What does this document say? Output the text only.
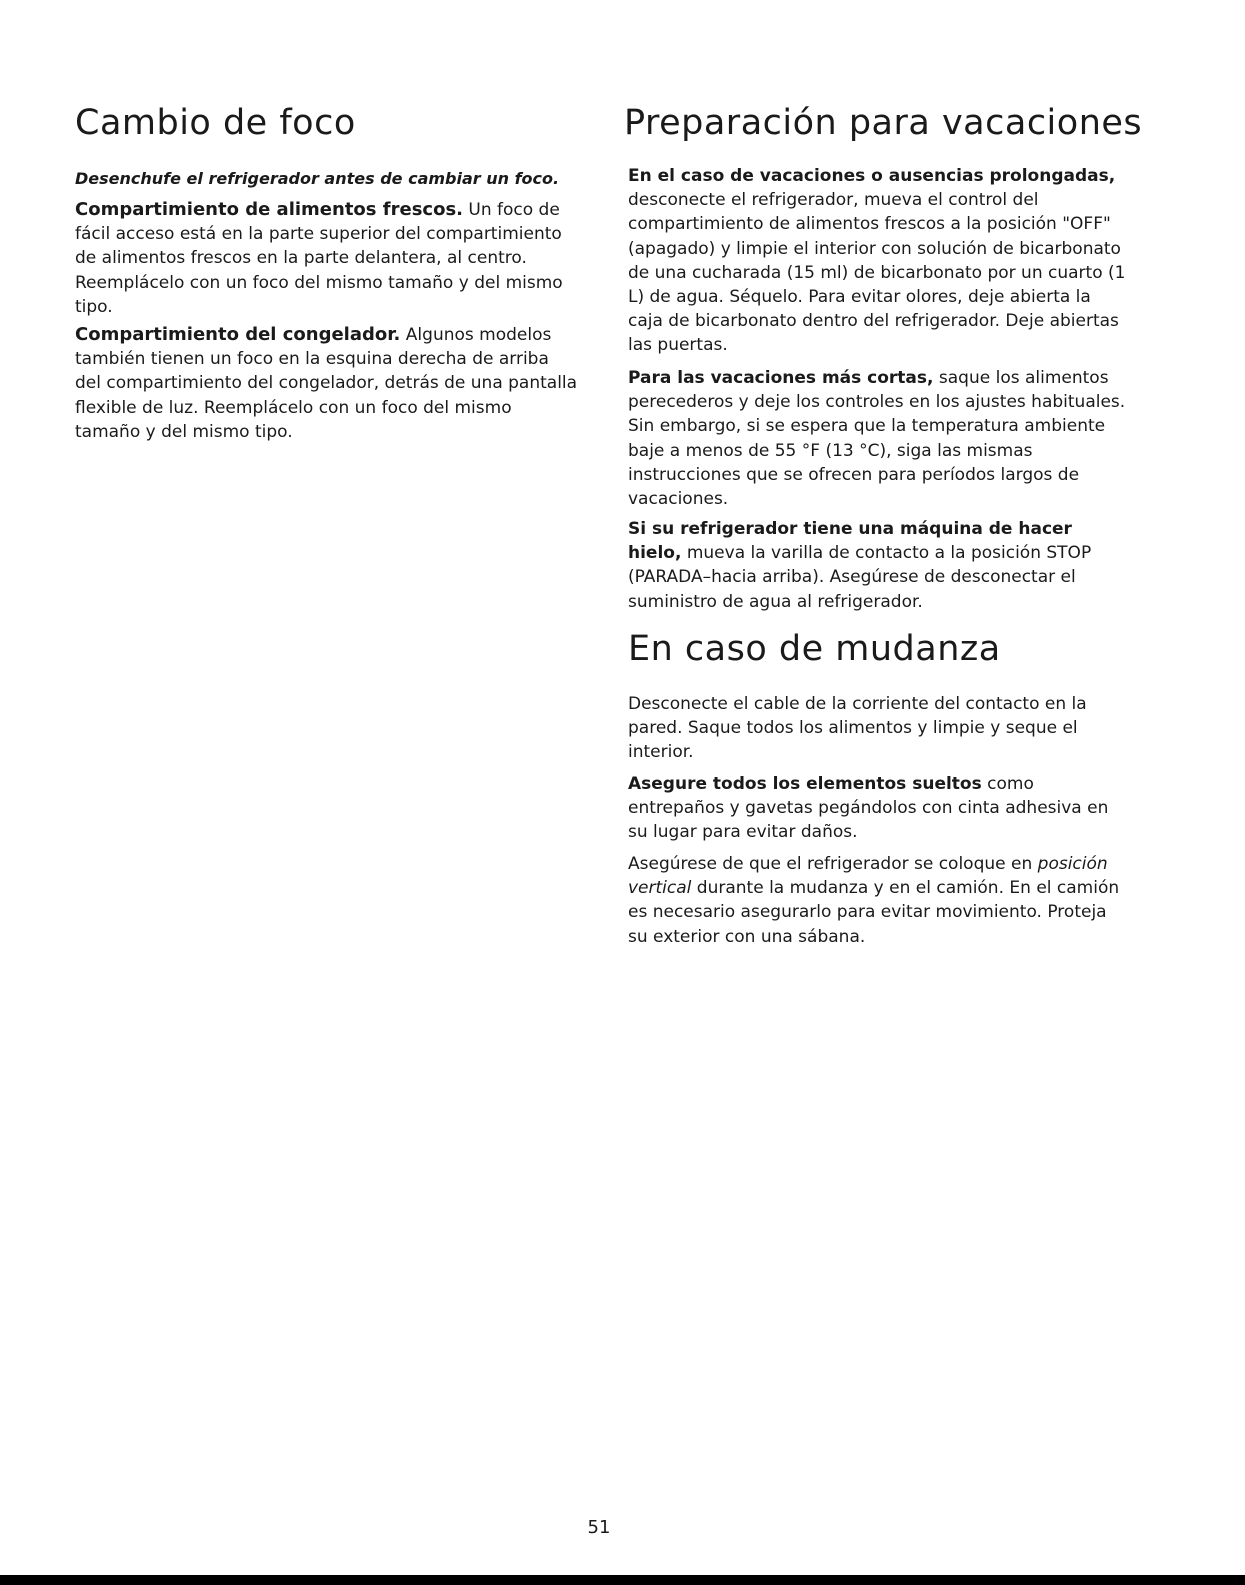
Cambio de foco

Desenchufe el refrigerador antes de cambiar un foco.

Compartimiento de alimentos frescos. Un foco de fácil acceso está en la parte superior del compartimiento de alimentos frescos en la parte delantera, al centro. Reemplácelo con un foco del mismo tamaño y del mismo tipo.

Compartimiento del congelador. Algunos modelos también tienen un foco en la esquina derecha de arriba del compartimiento del congelador, detrás de una pantalla flexible de luz. Reemplácelo con un foco del mismo tamaño y del mismo tipo.

Preparación para vacaciones

En el caso de vacaciones o ausencias prolongadas, desconecte el refrigerador, mueva el control del compartimiento de alimentos frescos a la posición "OFF" (apagado) y limpie el interior con solución de bicarbonato de una cucharada (15 ml) de bicarbonato por un cuarto (1 L) de agua. Séquelo. Para evitar olores, deje abierta la caja de bicarbonato dentro del refrigerador. Deje abiertas las puertas.

Para las vacaciones más cortas, saque los alimentos perecederos y deje los controles en los ajustes habituales. Sin embargo, si se espera que la temperatura ambiente baje a menos de 55 °F (13 °C), siga las mismas instrucciones que se ofrecen para períodos largos de vacaciones.

Si su refrigerador tiene una máquina de hacer hielo, mueva la varilla de contacto a la posición STOP (PARADA–hacia arriba). Asegúrese de desconectar el suministro de agua al refrigerador.

En caso de mudanza

Desconecte el cable de la corriente del contacto en la pared. Saque todos los alimentos y limpie y seque el interior.

Asegure todos los elementos sueltos como entrepaños y gavetas pegándolos con cinta adhesiva en su lugar para evitar daños.

Asegúrese de que el refrigerador se coloque en posición vertical durante la mudanza y en el camión. En el camión es necesario asegurarlo para evitar movimiento. Proteja su exterior con una sábana.

51
